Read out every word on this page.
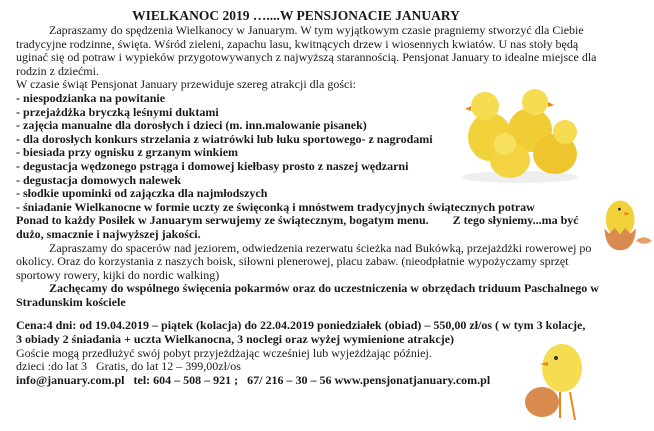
WIELKANOC 2019 …....W PENSJONACIE JANUARY
Zapraszamy do spędzenia Wielkanocy w Januarym. W tym wyjątkowym czasie pragniemy stworzyć dla Ciebie
tradycyjne rodzinne, święta. Wśród zieleni, zapachu lasu, kwitnących drzew i wiosennych kwiatów. U nas stoły będą
uginać się od potraw i wypieków przygotowywanych z najwyższą starannością. Pensjonat January to idealne miejsce dla
rodzin z dziećmi.
W czasie świąt Pensjonat January przewiduje szereg atrakcji dla gości:
- niespodzianka na powitanie
- przejażdżka bryczką leśnymi duktami
- zajęcia manualne dla dorosłych i dzieci (m. inn.malowanie pisanek)
- dla dorosłych konkurs strzelania z wiatrówki lub łuku sportowego- z nagrodami
- biesiada przy ognisku z grzanym winkiem
- degustacja wędzonego pstrąga i domowej kiełbasy prosto z naszej wędzarni
- degustacja domowych nalewek
- słodkie upominki od zajączka dla najmłodszych
- śniadanie Wielkanocne w formie uczty ze święconką i mnóstwem tradycyjnych świątecznych potraw
Ponad to każdy Posiłek w Januarym serwujemy ze świątecznym, bogatym menu.        Z tego słyniemy...ma być
dużo, smacznie i najwyższej jakości.
Zapraszamy do spacerów nad jeziorem, odwiedzenia rezerwatu ścieżka nad Bukówką, przejażdżki rowerowej po
okolicy. Oraz do korzystania z naszych boisk, siłowni plenerowej, placu zabaw. (nieodpłatnie wypożyczamy sprzęt
sportowy rowery, kijki do nordic walking)
Zachęcamy do wspólnego święcenia pokarmów oraz do uczestniczenia w obrzędach triduum Paschalnego w
Stradunskim kościele
Cena:4 dni: od 19.04.2019 – piątek (kolacja) do 22.04.2019 poniedziałek (obiad) – 550,00 zł/os ( w tym 3 kolacje,
3 obiady 2 śniadania + uczta Wielkanocna, 3 noclegi oraz wyżej wymienione atrakcje)
Goście mogą przedłużyć swój pobyt przyjeżdżając wcześniej lub wyjeżdżając później.
dzieci :do lat 3   Gratis, do lat 12 – 399,00zł/os
info@january.com.pl tel: 604 – 508 – 921 ;   67/ 216 – 30 – 56 www.pensjonatjanuary.com.pl
